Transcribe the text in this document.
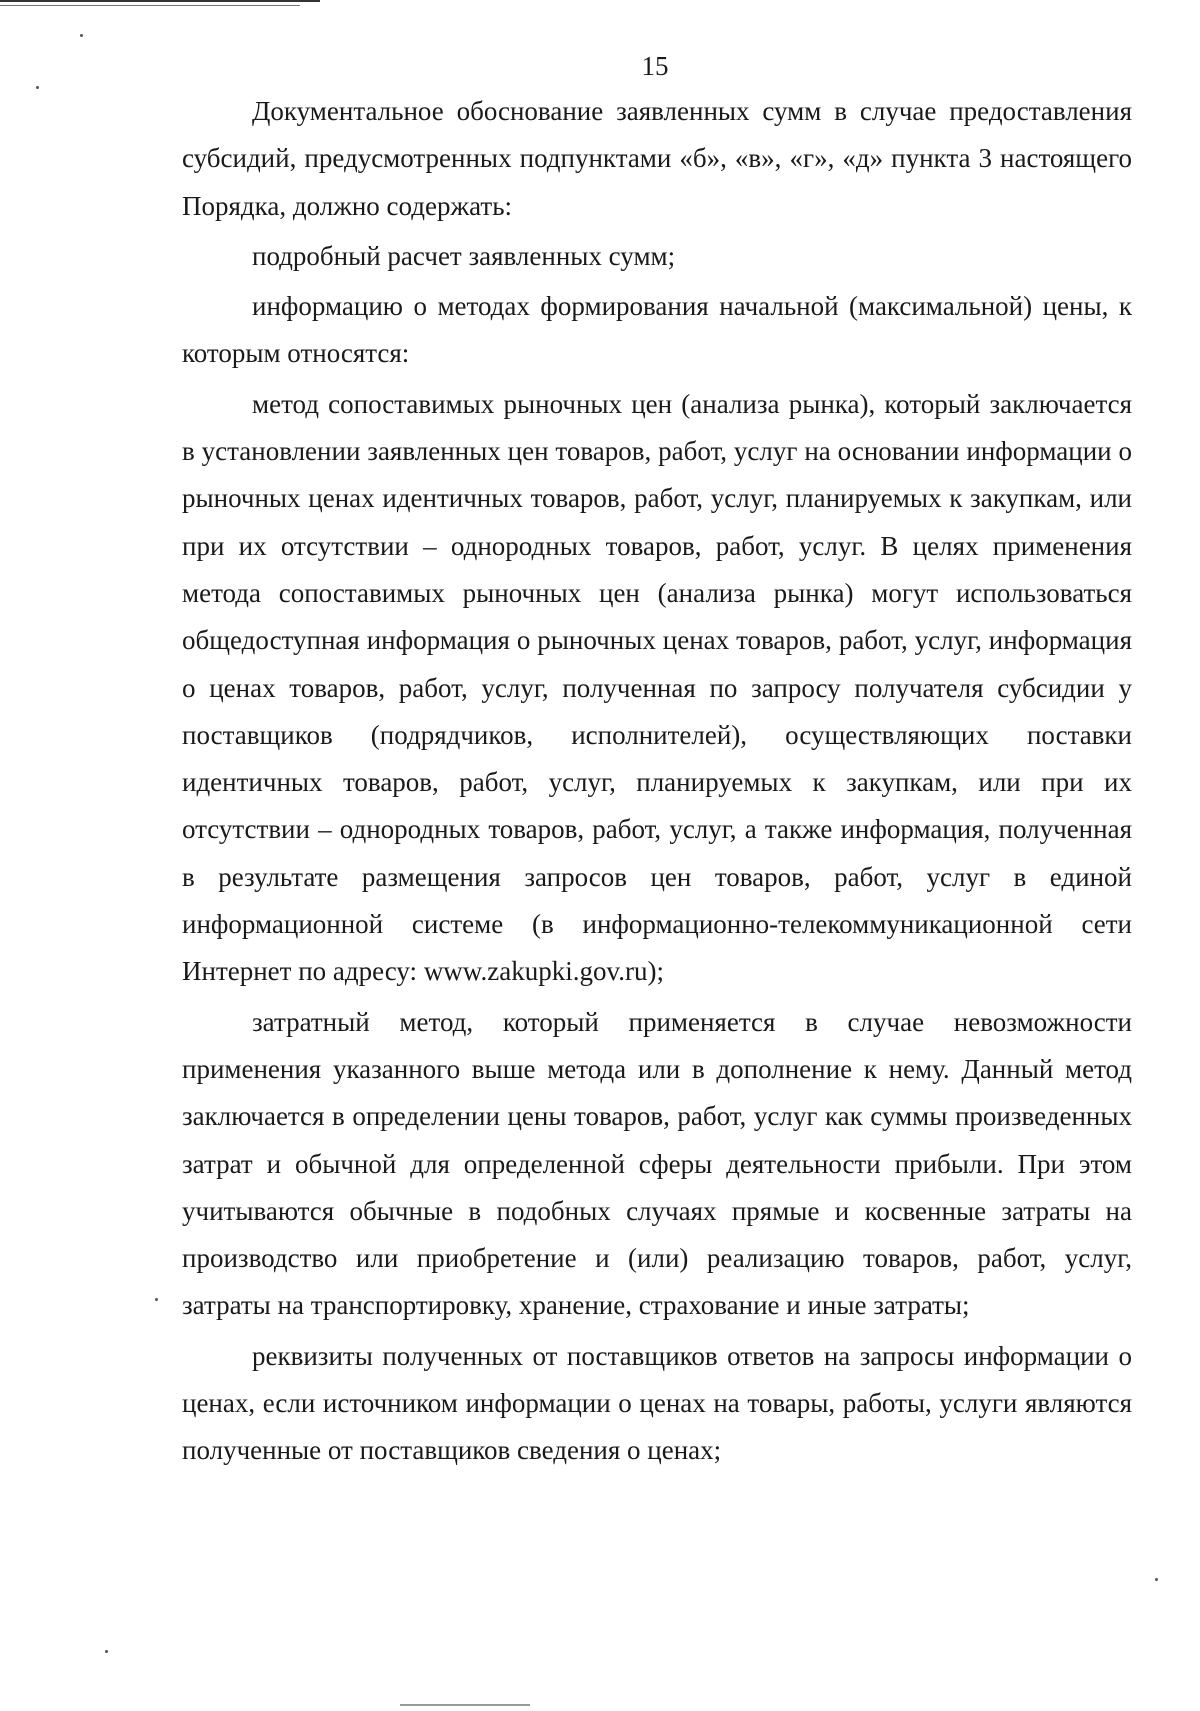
15

Документальное обоснование заявленных сумм в случае предоставления субсидий, предусмотренных подпунктами «б», «в», «г», «д» пункта 3 настоящего Порядка, должно содержать:

подробный расчет заявленных сумм;

информацию о методах формирования начальной (максимальной) цены, к которым относятся:

метод сопоставимых рыночных цен (анализа рынка), который заключается в установлении заявленных цен товаров, работ, услуг на основании информации о рыночных ценах идентичных товаров, работ, услуг, планируемых к закупкам, или при их отсутствии – однородных товаров, работ, услуг. В целях применения метода сопоставимых рыночных цен (анализа рынка) могут использоваться общедоступная информация о рыночных ценах товаров, работ, услуг, информация о ценах товаров, работ, услуг, полученная по запросу получателя субсидии у поставщиков (подрядчиков, исполнителей), осуществляющих поставки идентичных товаров, работ, услуг, планируемых к закупкам, или при их отсутствии – однородных товаров, работ, услуг, а также информация, полученная в результате размещения запросов цен товаров, работ, услуг в единой информационной системе (в информационно-телекоммуникационной сети Интернет по адресу: www.zakupki.gov.ru);

затратный метод, который применяется в случае невозможности применения указанного выше метода или в дополнение к нему. Данный метод заключается в определении цены товаров, работ, услуг как суммы произведенных затрат и обычной для определенной сферы деятельности прибыли. При этом учитываются обычные в подобных случаях прямые и косвенные затраты на производство или приобретение и (или) реализацию товаров, работ, услуг, затраты на транспортировку, хранение, страхование и иные затраты;

реквизиты полученных от поставщиков ответов на запросы информации о ценах, если источником информации о ценах на товары, работы, услуги являются полученные от поставщиков сведения о ценах;
